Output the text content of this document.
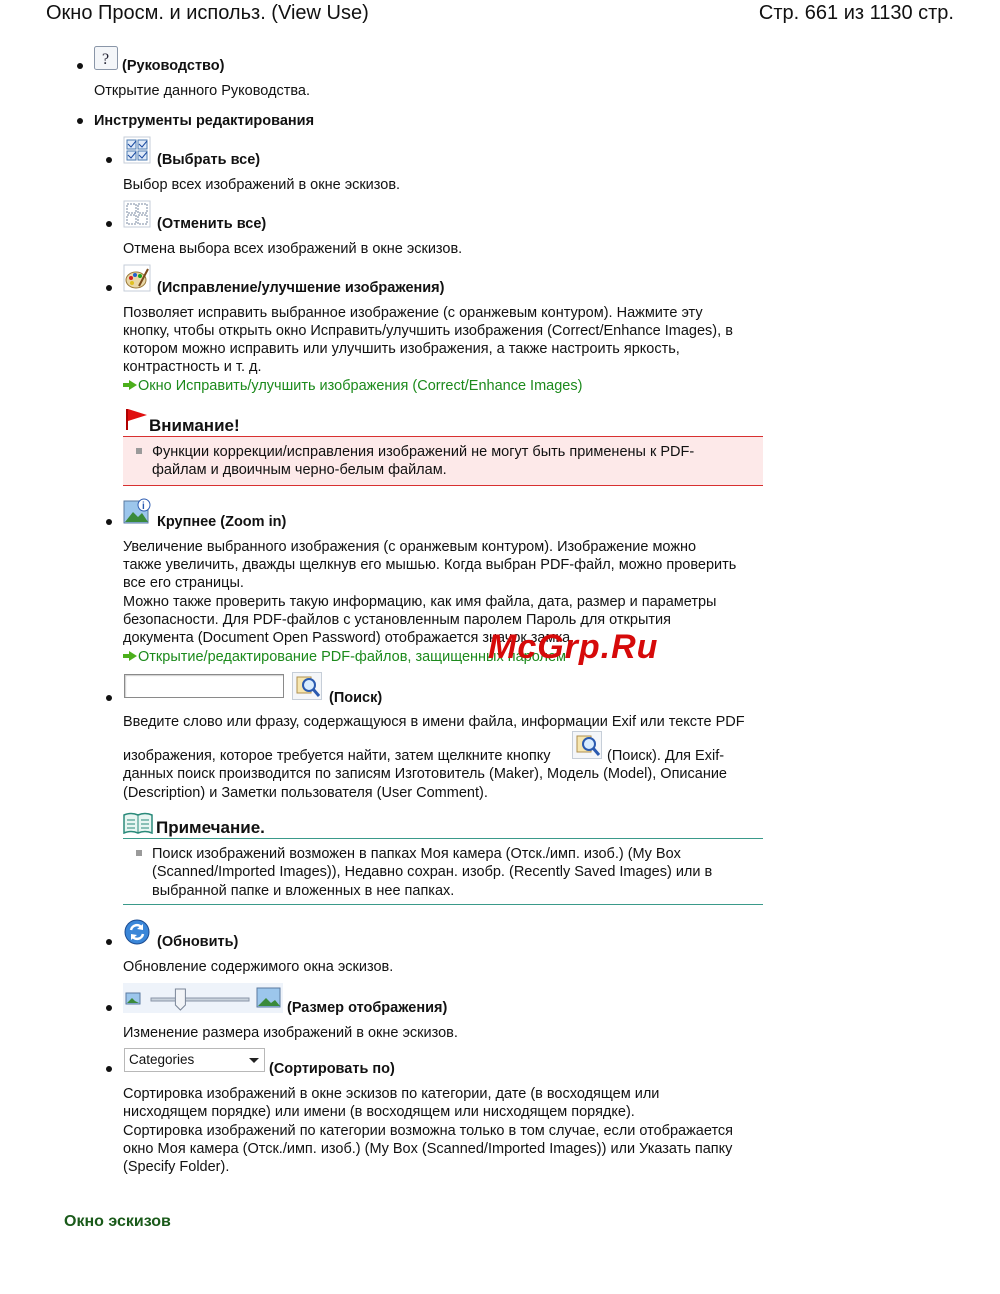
Окно Просм. и использ. (View Use)	Стр. 661 из 1130 стр.
? (Руководство)
Открытие данного Руководства.
Инструменты редактирования
(Выбрать все)
Выбор всех изображений в окне эскизов.
(Отменить все)
Отмена выбора всех изображений в окне эскизов.
(Исправление/улучшение изображения)
Позволяет исправить выбранное изображение (с оранжевым контуром). Нажмите эту
кнопку, чтобы открыть окно Исправить/улучшить изображения (Correct/Enhance Images), в
котором можно исправить или улучшить изображения, а также настроить яркость,
контрастность и т. д.
Окно Исправить/улучшить изображения (Correct/Enhance Images)
Внимание!
Функции коррекции/исправления изображений не могут быть применены к PDF-
файлам и двоичным черно-белым файлам.
i
Крупнее (Zoom in)
Увеличение выбранного изображения (с оранжевым контуром). Изображение можно
также увеличить, дважды щелкнув его мышью. Когда выбран PDF-файл, можно проверить
все его страницы.
Можно также проверить такую информацию, как имя файла, дата, размер и параметры
безопасности. Для PDF-файлов с установленным паролем Пароль для открытия
документа (Document Open Password) отображается значок замка.
Открытие/редактирование PDF-файлов, защищенных паролем
McGrp.Ru
(Поиск)
Введите слово или фразу, содержащуюся в имени файла, информации Exif или тексте PDF
изображения, которое требуется найти, затем щелкните кнопку	(Поиск). Для Exif-
данных поиск производится по записям Изготовитель (Maker), Модель (Model), Описание
(Description) и Заметки пользователя (User Comment).
Примечание.
Поиск изображений возможен в папках Моя камера (Отск./имп. изоб.) (My Box
(Scanned/Imported Images)), Недавно сохран. изобр. (Recently Saved Images) или в
выбранной папке и вложенных в нее папках.
(Обновить)
Обновление содержимого окна эскизов.
(Размер отображения)
Изменение размера изображений в окне эскизов.
Categories
(Сортировать по)
Сортировка изображений в окне эскизов по категории, дате (в восходящем или
нисходящем порядке) или имени (в восходящем или нисходящем порядке).
Сортировка изображений по категории возможна только в том случае, если отображается
окно Моя камера (Отск./имп. изоб.) (My Box (Scanned/Imported Images)) или Указать папку
(Specify Folder).
Окно эскизов
